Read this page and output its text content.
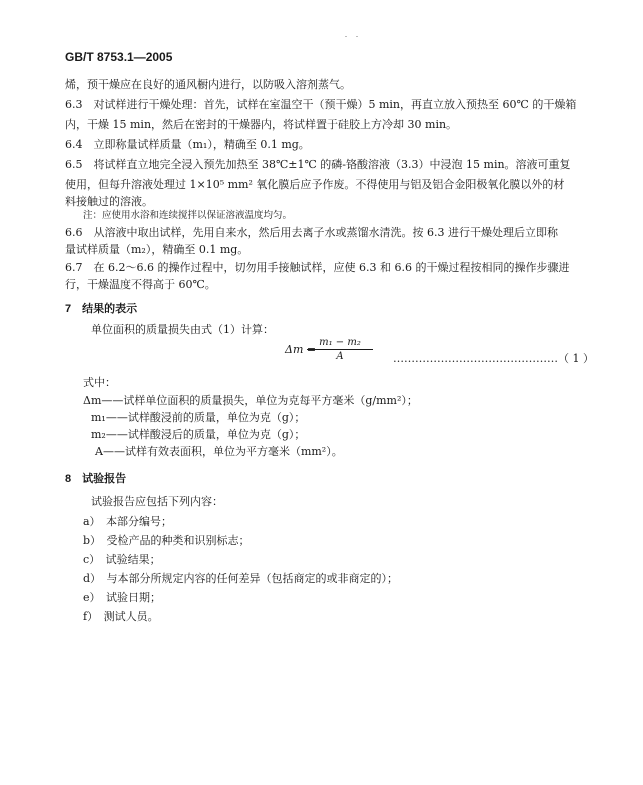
GB/T 8753.1—2005
烯，预干燥应在良好的通风橱内进行，以防吸入溶剂蒸气。
6.3　对试样进行干燥处理：首先，试样在室温空干（预干燥）5 min，再直立放入预热至 60℃ 的干燥箱
内，干燥 15 min，然后在密封的干燥器内，将试样置于硅胶上方冷却 30 min。
6.4　立即称量试样质量（m₁），精确至 0.1 mg。
6.5　将试样直立地完全浸入预先加热至 38℃±1℃ 的磷-铬酸溶液（3.3）中浸泡 15 min。溶液可重复
使用，但每升溶液处理过 1×10⁵ mm² 氧化膜后应予作废。不得使用与铝及铝合金阳极氧化膜以外的材
料接触过的溶液。
注：应使用水浴和连续搅拌以保证溶液温度均匀。
6.6　从溶液中取出试样，先用自来水，然后用去离子水或蒸馏水清洗。按 6.3 进行干燥处理后立即称
量试样质量（m₂），精确至 0.1 mg。
6.7　在 6.2～6.6 的操作过程中，切勿用手接触试样，应使 6.3 和 6.6 的干燥过程按相同的操作步骤进
行，干燥温度不得高于 60℃。
7　结果的表示
单位面积的质量损失由式（1）计算：
Δm =
$\frac{\text{m₁ − m₂}}{A}$ ………………………………………（ 1 ）
式中：
Δm——试样单位面积的质量损失，单位为克每平方毫米（g/mm²）；
m₁——试样酸浸前的质量，单位为克（g）；
m₂——试样酸浸后的质量，单位为克（g）；
A——试样有效表面积，单位为平方毫米（mm²）。
8　试验报告
试验报告应包括下列内容：
a）　本部分编号；
b）　受检产品的种类和识别标志；
c）　试验结果；
d）　与本部分所规定内容的任何差异（包括商定的或非商定的）；
e）　试验日期；
f）　测试人员。
